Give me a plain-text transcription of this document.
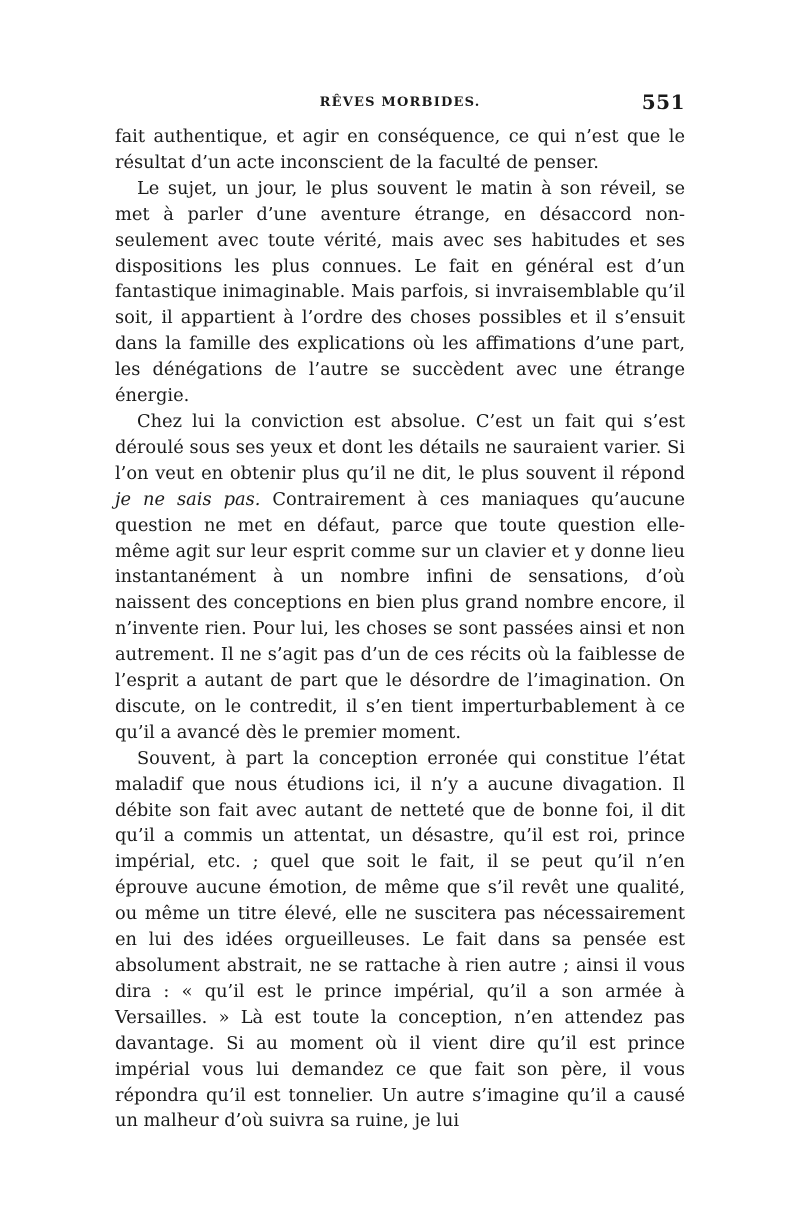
RÊVES MORBIDES.	551

fait authentique, et agir en conséquence, ce qui n’est que le résultat d’un acte inconscient de la faculté de penser.

Le sujet, un jour, le plus souvent le matin à son réveil, se met à parler d’une aventure étrange, en désaccord non-seulement avec toute vérité, mais avec ses habitudes et ses dispositions les plus connues. Le fait en général est d’un fantastique inimaginable. Mais parfois, si invraisemblable qu’il soit, il appartient à l’ordre des choses possibles et il s’ensuit dans la famille des explications où les affimations d’une part, les dénégations de l’autre se succèdent avec une étrange énergie.

Chez lui la conviction est absolue. C’est un fait qui s’est déroulé sous ses yeux et dont les détails ne sauraient varier. Si l’on veut en obtenir plus qu’il ne dit, le plus souvent il répond je ne sais pas. Contrairement à ces maniaques qu’aucune question ne met en défaut, parce que toute question elle-même agit sur leur esprit comme sur un clavier et y donne lieu instantanément à un nombre infini de sensations, d’où naissent des conceptions en bien plus grand nombre encore, il n’invente rien. Pour lui, les choses se sont passées ainsi et non autrement. Il ne s’agit pas d’un de ces récits où la faiblesse de l’esprit a autant de part que le désordre de l’imagination. On discute, on le contredit, il s’en tient imperturbablement à ce qu’il a avancé dès le premier moment.

Souvent, à part la conception erronée qui constitue l’état maladif que nous étudions ici, il n’y a aucune divagation. Il débite son fait avec autant de netteté que de bonne foi, il dit qu’il a commis un attentat, un désastre, qu’il est roi, prince impérial, etc. ; quel que soit le fait, il se peut qu’il n’en éprouve aucune émotion, de même que s’il revêt une qualité, ou même un titre élevé, elle ne suscitera pas nécessairement en lui des idées orgueilleuses. Le fait dans sa pensée est absolument abstrait, ne se rattache à rien autre ; ainsi il vous dira : « qu’il est le prince impérial, qu’il a son armée à Versailles. » Là est toute la conception, n’en attendez pas davantage. Si au moment où il vient dire qu’il est prince impérial vous lui demandez ce que fait son père, il vous répondra qu’il est tonnelier. Un autre s’imagine qu’il a causé un malheur d’où suivra sa ruine, je lui
